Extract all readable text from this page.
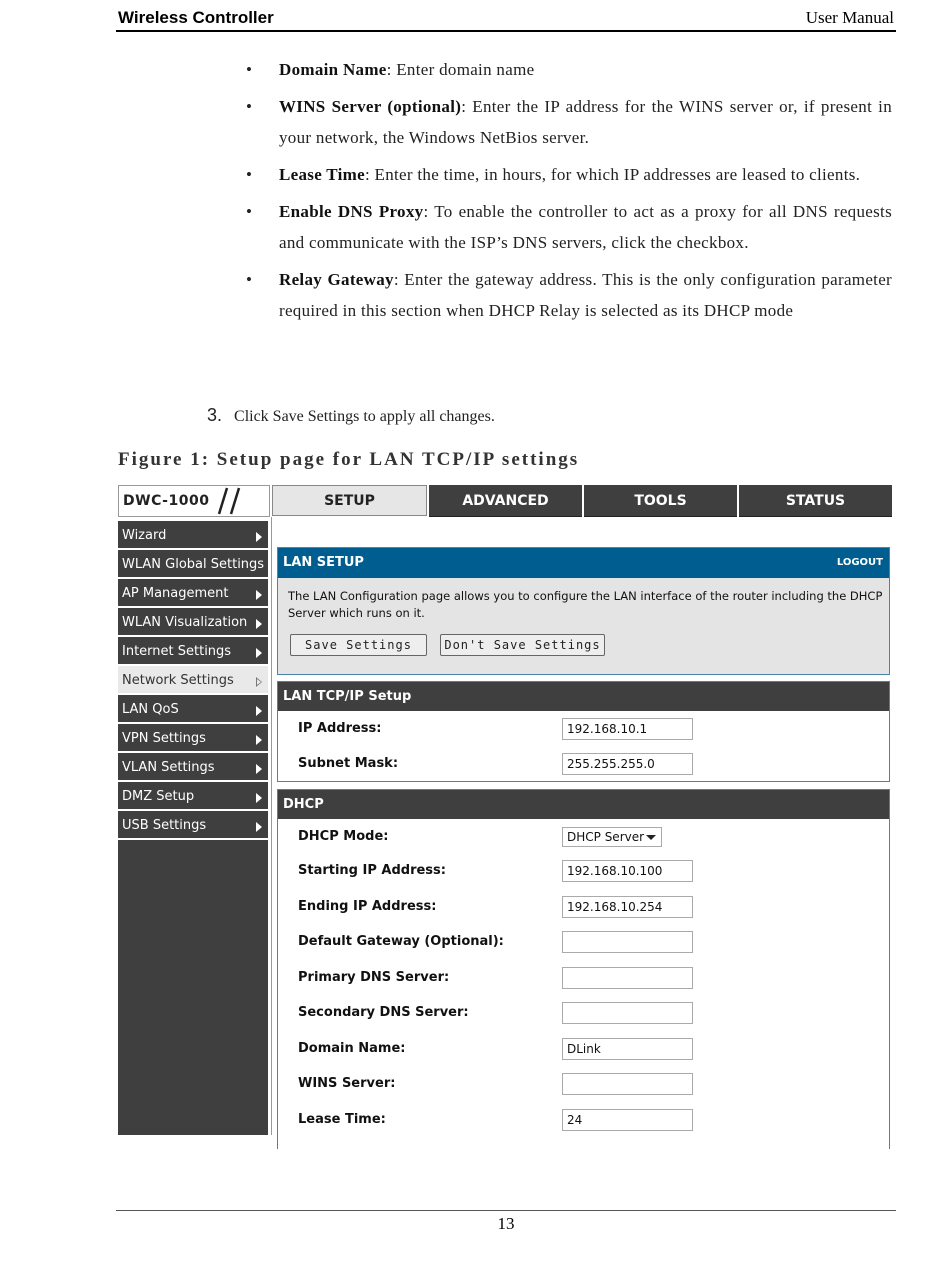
Wireless Controller	User Manual
• Domain Name: Enter domain name
• WINS Server (optional): Enter the IP address for the WINS server or, if present in your network, the Windows NetBios server.
• Lease Time: Enter the time, in hours, for which IP addresses are leased to clients.
• Enable DNS Proxy: To enable the controller to act as a proxy for all DNS requests and communicate with the ISP’s DNS servers, click the checkbox.
• Relay Gateway: Enter the gateway address. This is the only configuration parameter required in this section when DHCP Relay is selected as its DHCP mode
3. Click Save Settings to apply all changes.
Figure 1: Setup page for LAN TCP/IP settings
DWC-1000	SETUP	ADVANCED	TOOLS	STATUS
Wizard
WLAN Global Settings
AP Management
WLAN Visualization
Internet Settings
Network Settings
LAN QoS
VPN Settings
VLAN Settings
DMZ Setup
USB Settings
LAN SETUP	LOGOUT
The LAN Configuration page allows you to configure the LAN interface of the router including the DHCP Server which runs on it.
Save Settings	Don't Save Settings
LAN TCP/IP Setup
IP Address:	192.168.10.1
Subnet Mask:	255.255.255.0
DHCP
DHCP Mode:	DHCP Server
Starting IP Address:	192.168.10.100
Ending IP Address:	192.168.10.254
Default Gateway (Optional):
Primary DNS Server:
Secondary DNS Server:
Domain Name:	DLink
WINS Server:
Lease Time:	24
13
